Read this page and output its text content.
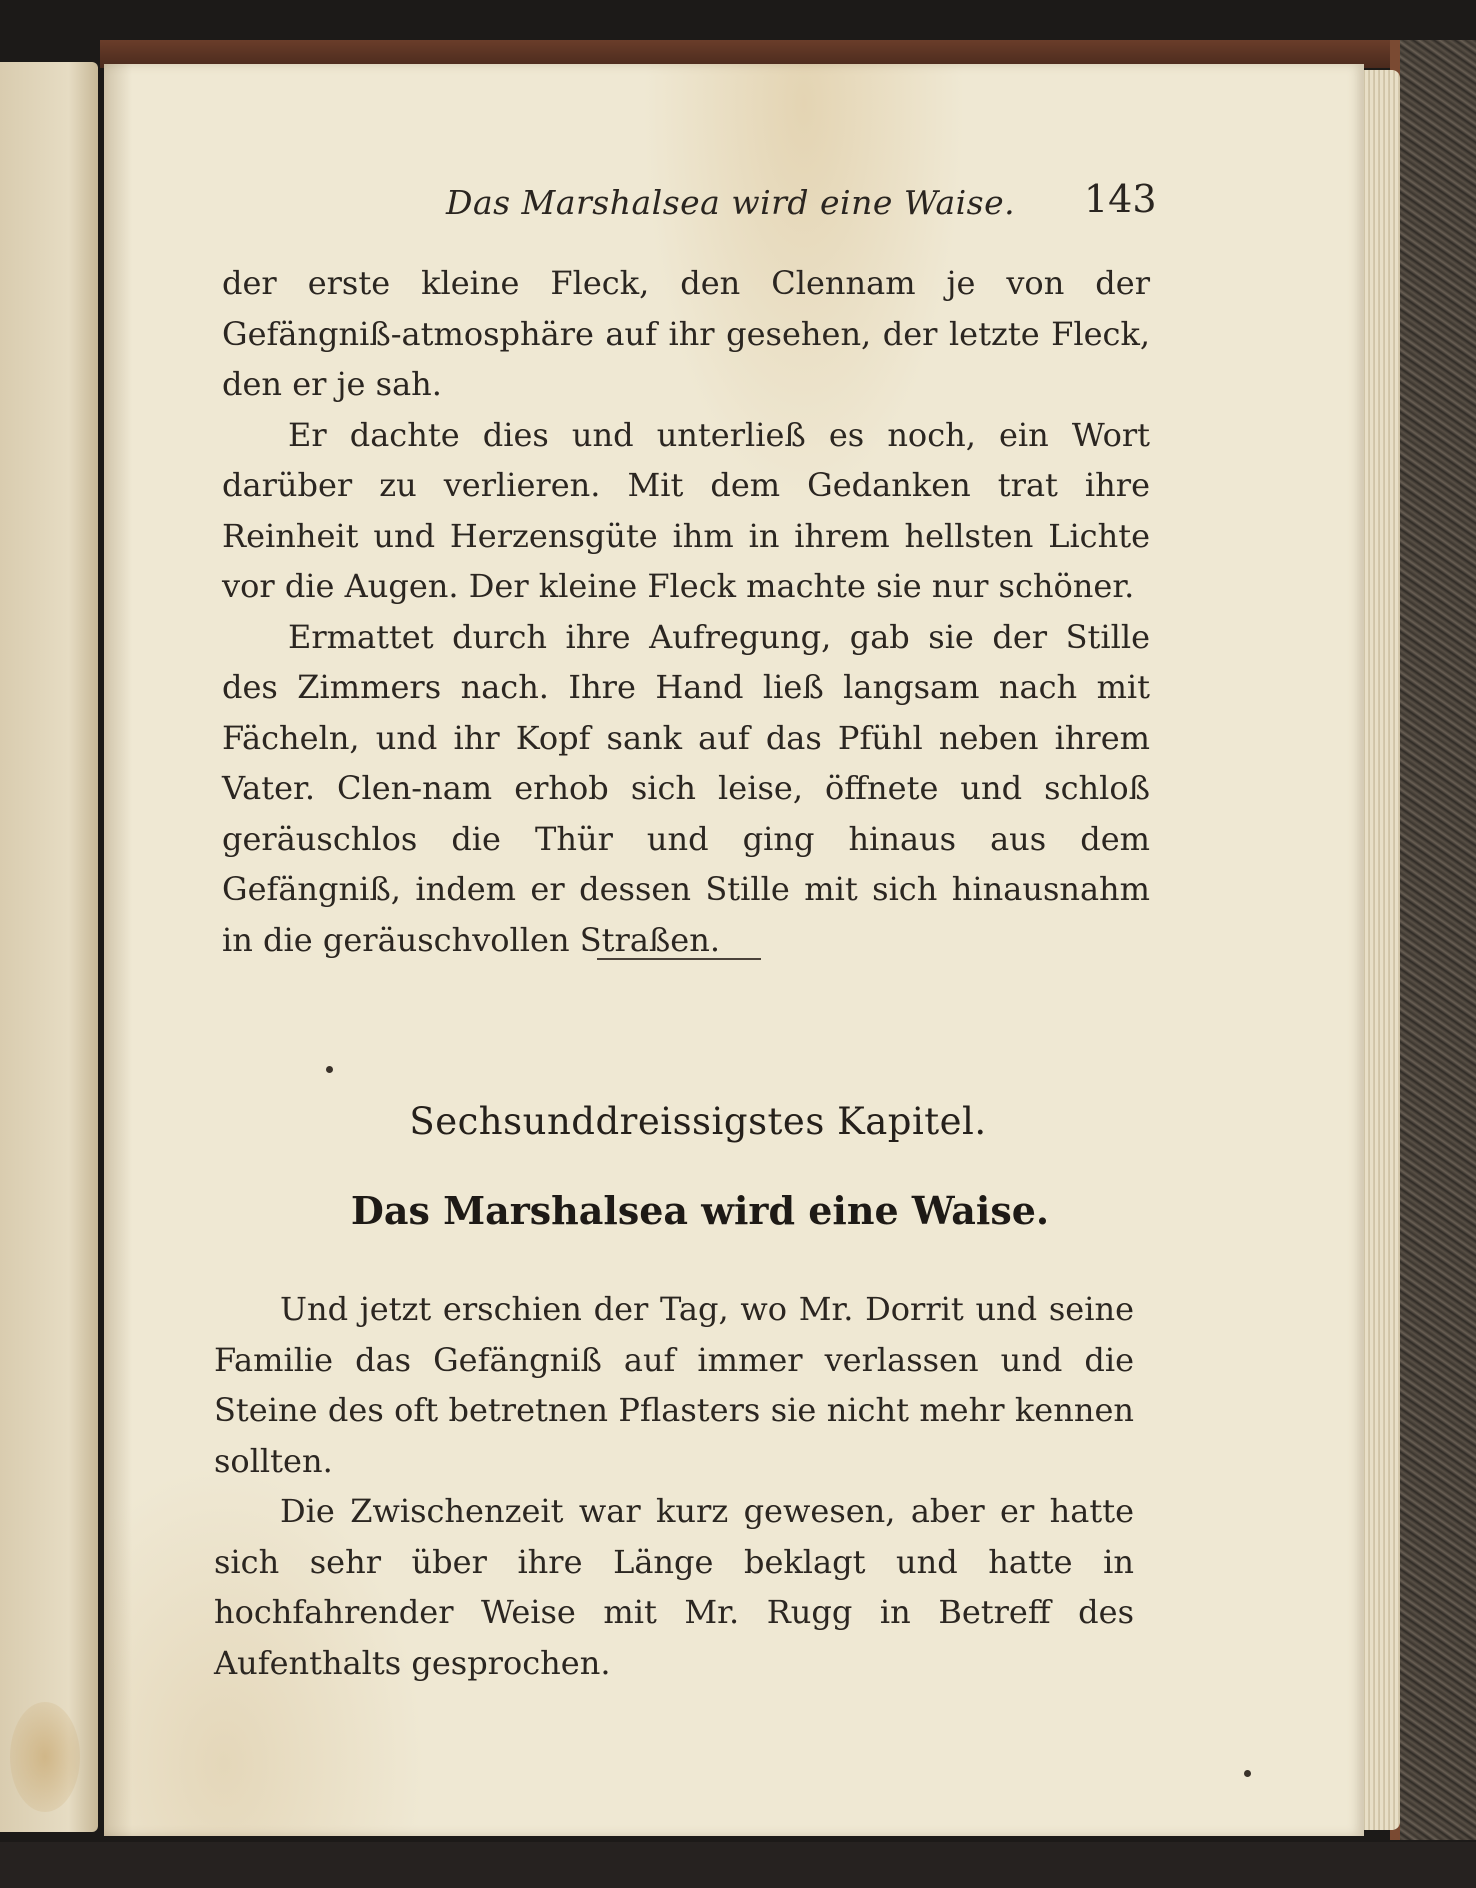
Das Marshalsea wird eine Waise. 143

der erste kleine Fleck, den Clennam je von der Gefängniß-atmosphäre auf ihr gesehen, der letzte Fleck, den er je sah.

Er dachte dies und unterließ es noch, ein Wort darüber zu verlieren. Mit dem Gedanken trat ihre Reinheit und Herzensgüte ihm in ihrem hellsten Lichte vor die Augen. Der kleine Fleck machte sie nur schöner.

Ermattet durch ihre Aufregung, gab sie der Stille des Zimmers nach. Ihre Hand ließ langsam nach mit Fächeln, und ihr Kopf sank auf das Pfühl neben ihrem Vater. Clen-nam erhob sich leise, öffnete und schloß geräuschlos die Thür und ging hinaus aus dem Gefängniß, indem er dessen Stille mit sich hinausnahm in die geräuschvollen Straßen.

Sechsunddreissigstes Kapitel.
Das Marshalsea wird eine Waise.

Und jetzt erschien der Tag, wo Mr. Dorrit und seine Familie das Gefängniß auf immer verlassen und die Steine des oft betretnen Pflasters sie nicht mehr kennen sollten.

Die Zwischenzeit war kurz gewesen, aber er hatte sich sehr über ihre Länge beklagt und hatte in hochfahrender Weise mit Mr. Rugg in Betreff des Aufenthalts gesprochen.
